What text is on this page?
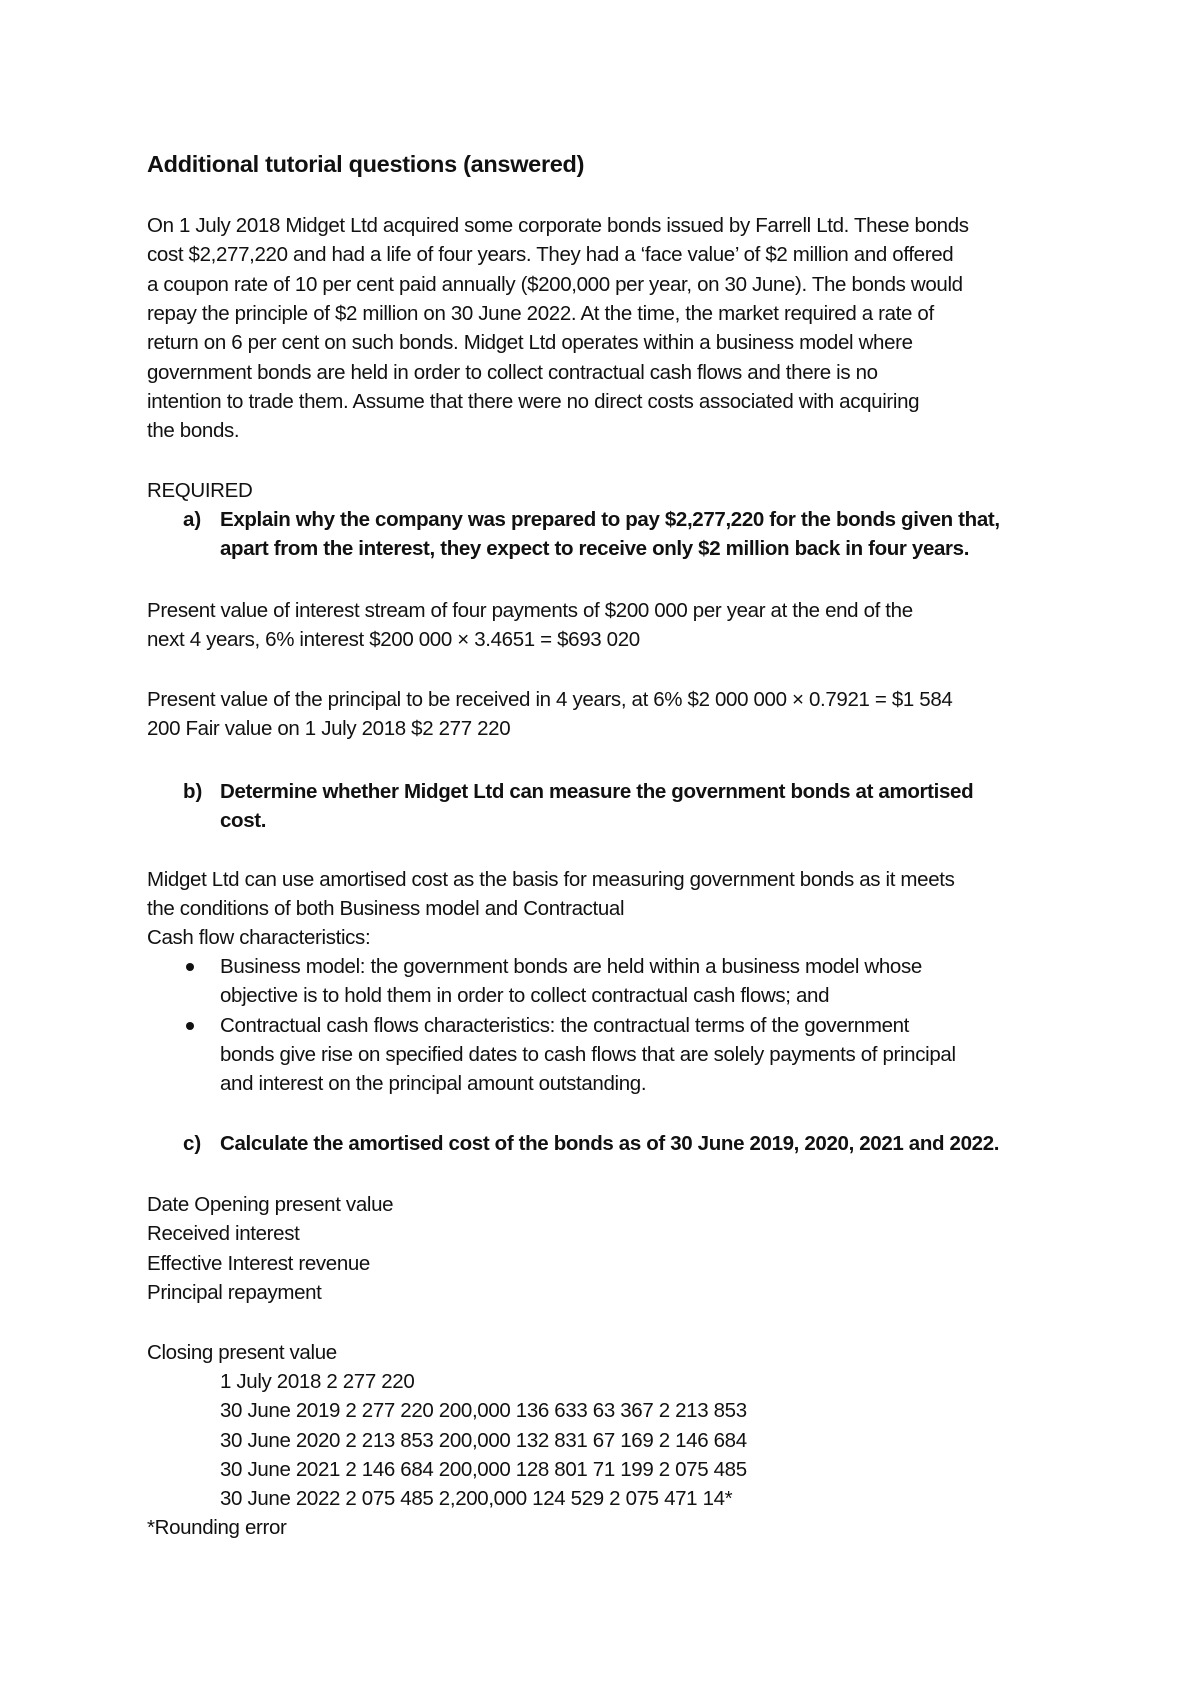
Additional tutorial questions (answered)

On 1 July 2018 Midget Ltd acquired some corporate bonds issued by Farrell Ltd. These bonds

cost $2,277,220 and had a life of four years. They had a ‘face value’ of $2 million and offered

a coupon rate of 10 per cent paid annually ($200,000 per year, on 30 June). The bonds would

repay the principle of $2 million on 30 June 2022. At the time, the market required a rate of

return on 6 per cent on such bonds. Midget Ltd operates within a business model where

government bonds are held in order to collect contractual cash flows and there is no

intention to trade them. Assume that there were no direct costs associated with acquiring

the bonds.

REQUIRED

a) Explain why the company was prepared to pay $2,277,220 for the bonds given that,

apart from the interest, they expect to receive only $2 million back in four years.

Present value of interest stream of four payments of $200 000 per year at the end of the

next 4 years, 6% interest $200 000 × 3.4651 = $693 020

Present value of the principal to be received in 4 years, at 6% $2 000 000 × 0.7921 = $1 584

200 Fair value on 1 July 2018 $2 277 220

b) Determine whether Midget Ltd can measure the government bonds at amortised

cost.

Midget Ltd can use amortised cost as the basis for measuring government bonds as it meets

the conditions of both Business model and Contractual

Cash flow characteristics:

Business model: the government bonds are held within a business model whose

objective is to hold them in order to collect contractual cash flows; and

Contractual cash flows characteristics: the contractual terms of the government

bonds give rise on specified dates to cash flows that are solely payments of principal

and interest on the principal amount outstanding.

c) Calculate the amortised cost of the bonds as of 30 June 2019, 2020, 2021 and 2022.

Date Opening present value

Received interest

Effective Interest revenue

Principal repayment

Closing present value

1 July 2018 2 277 220

30 June 2019 2 277 220 200,000 136 633 63 367 2 213 853

30 June 2020 2 213 853 200,000 132 831 67 169 2 146 684

30 June 2021 2 146 684 200,000 128 801 71 199 2 075 485

30 June 2022 2 075 485 2,200,000 124 529 2 075 471 14*

*Rounding error
